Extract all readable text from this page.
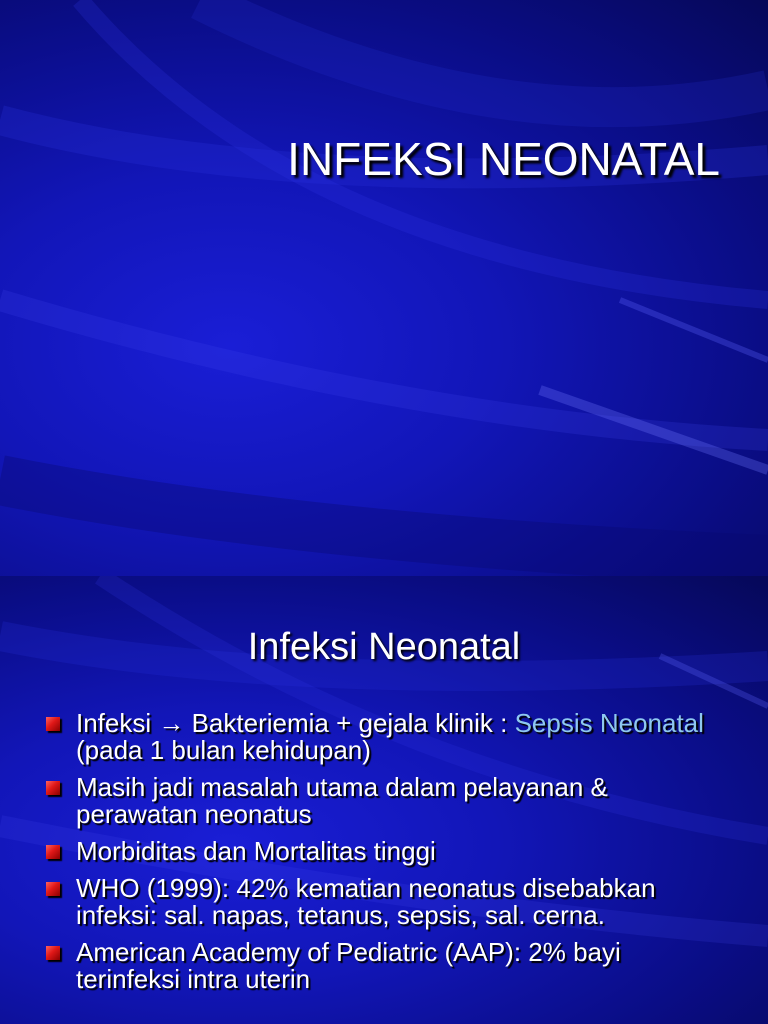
INFEKSI NEONATAL
Infeksi Neonatal
Infeksi → Bakteriemia + gejala klinik : Sepsis Neonatal (pada 1 bulan kehidupan)
Masih jadi masalah utama dalam pelayanan & perawatan neonatus
Morbiditas dan Mortalitas tinggi
WHO (1999): 42% kematian neonatus disebabkan infeksi: sal. napas, tetanus, sepsis, sal. cerna.
American Academy of Pediatric (AAP): 2% bayi terinfeksi intra uterin
